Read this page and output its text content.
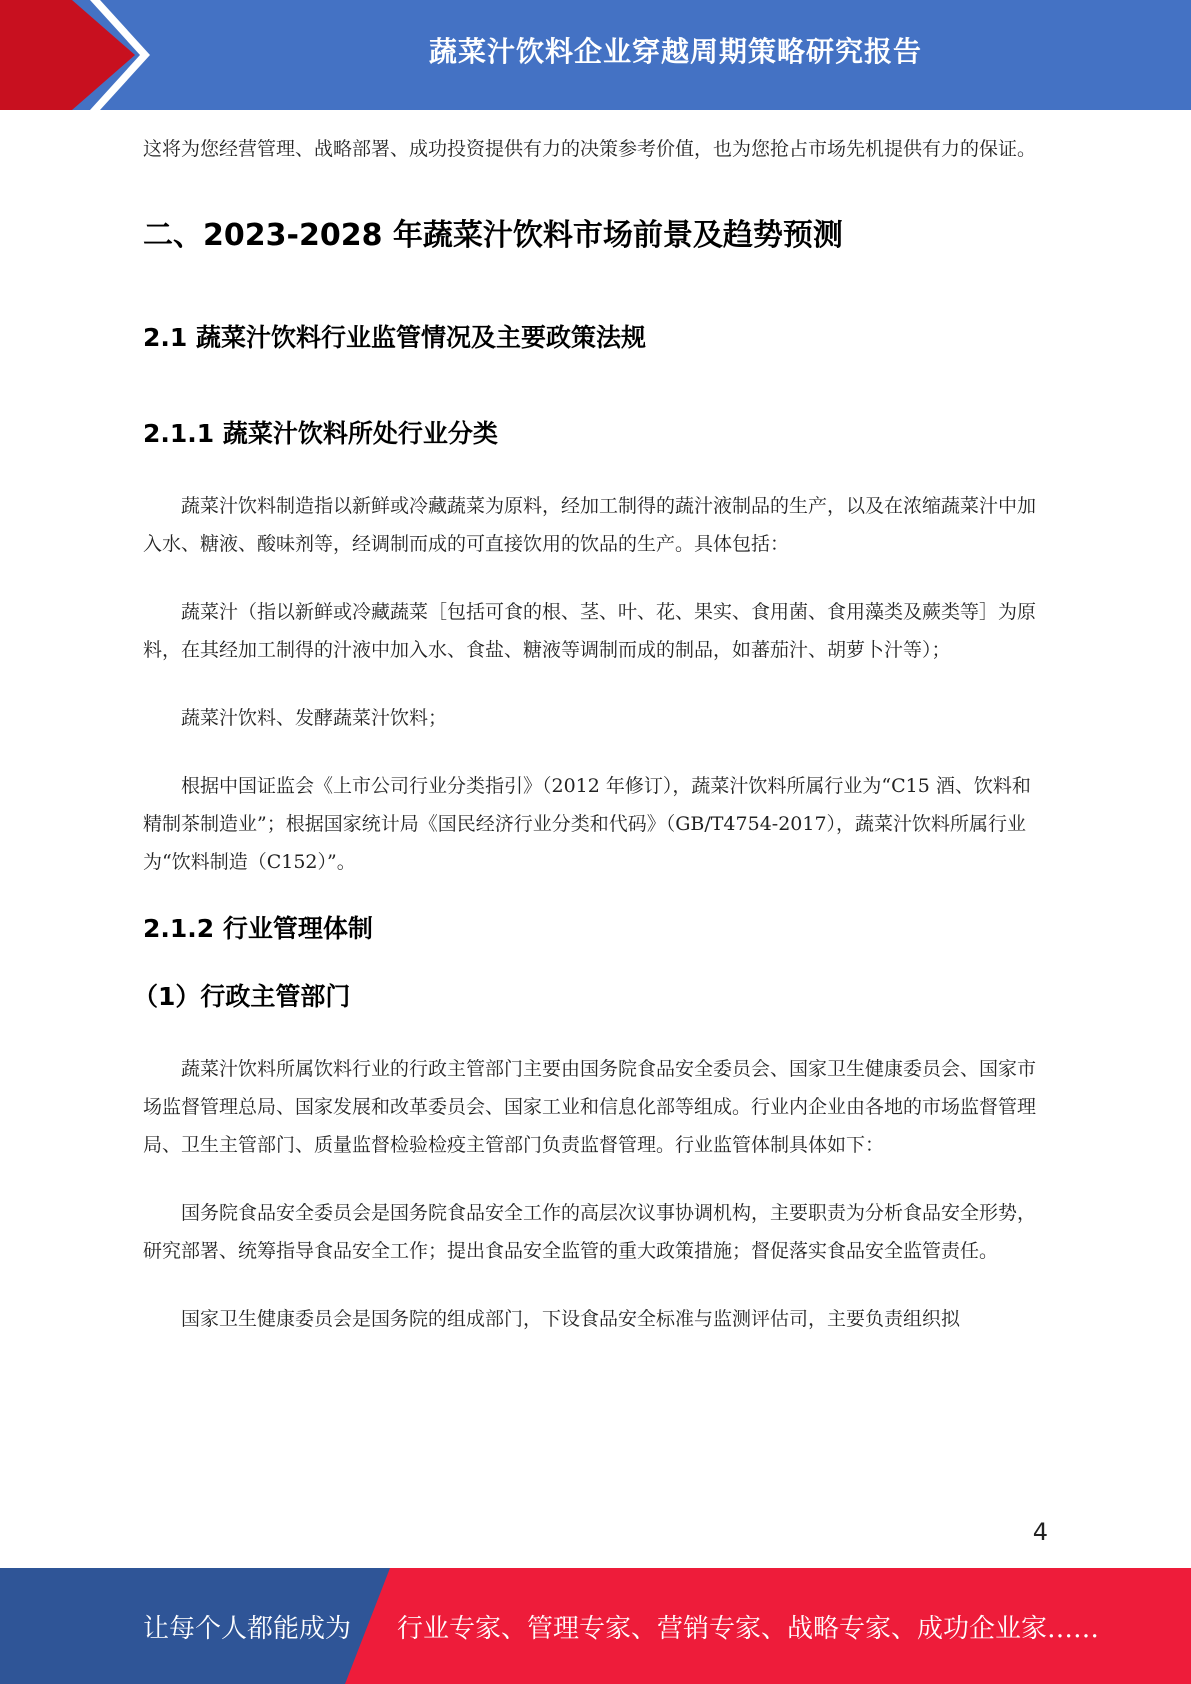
蔬菜汁饮料企业穿越周期策略研究报告

这将为您经营管理、战略部署、成功投资提供有力的决策参考价值，也为您抢占市场先机提供有力的保证。

二、2023-2028 年蔬菜汁饮料市场前景及趋势预测
2.1 蔬菜汁饮料行业监管情况及主要政策法规
2.1.1 蔬菜汁饮料所处行业分类

蔬菜汁饮料制造指以新鲜或冷藏蔬菜为原料，经加工制得的蔬汁液制品的生产，以及在浓缩蔬菜汁中加入水、糖液、酸味剂等，经调制而成的可直接饮用的饮品的生产。具体包括：

蔬菜汁（指以新鲜或冷藏蔬菜［包括可食的根、茎、叶、花、果实、食用菌、食用藻类及蕨类等］为原料，在其经加工制得的汁液中加入水、食盐、糖液等调制而成的制品，如蕃茄汁、胡萝卜汁等）；

蔬菜汁饮料、发酵蔬菜汁饮料；

根据中国证监会《上市公司行业分类指引》（2012 年修订），蔬菜汁饮料所属行业为“C15 酒、饮料和精制茶制造业”；根据国家统计局《国民经济行业分类和代码》（GB/T4754-2017），蔬菜汁饮料所属行业为“饮料制造（C152）”。

2.1.2 行业管理体制
（1）行政主管部门

蔬菜汁饮料所属饮料行业的行政主管部门主要由国务院食品安全委员会、国家卫生健康委员会、国家市场监督管理总局、国家发展和改革委员会、国家工业和信息化部等组成。行业内企业由各地的市场监督管理局、卫生主管部门、质量监督检验检疫主管部门负责监督管理。行业监管体制具体如下：

国务院食品安全委员会是国务院食品安全工作的高层次议事协调机构，主要职责为分析食品安全形势，研究部署、统筹指导食品安全工作；提出食品安全监管的重大政策措施；督促落实食品安全监管责任。

国家卫生健康委员会是国务院的组成部门，下设食品安全标准与监测评估司，主要负责组织拟

4
让每个人都能成为 行业专家、管理专家、营销专家、战略专家、成功企业家……
